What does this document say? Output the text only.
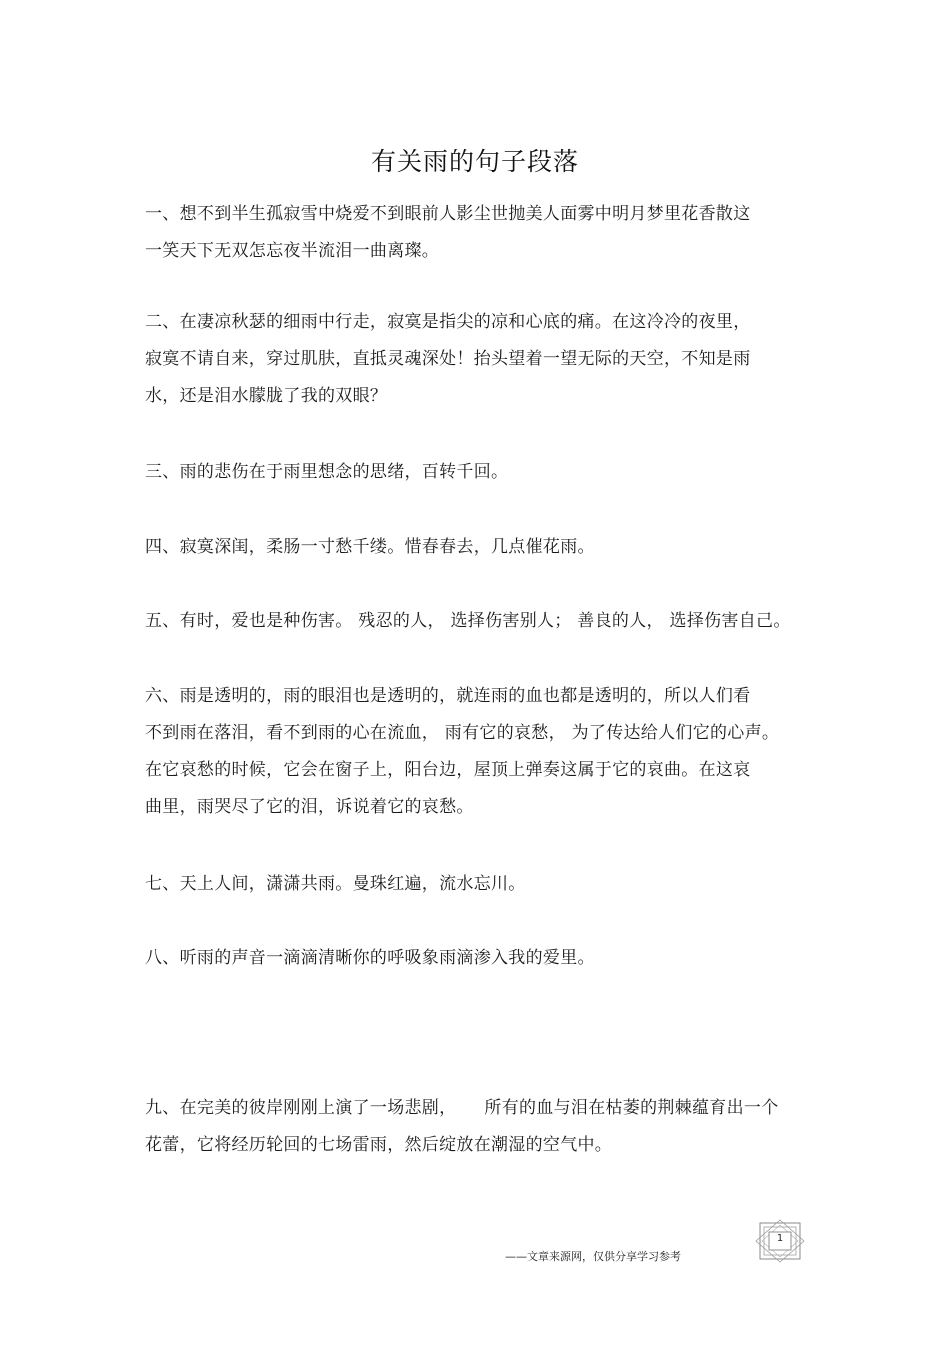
有关雨的句子段落
一、想不到半生孤寂雪中烧爱不到眼前人影尘世抛美人面雾中明月梦里花香散这
一笑天下无双怎忘夜半流泪一曲离璨。
二、在凄凉秋瑟的细雨中行走，寂寞是指尖的凉和心底的痛。在这冷冷的夜里，
寂寞不请自来，穿过肌肤，直抵灵魂深处！抬头望着一望无际的天空，不知是雨
水，还是泪水朦胧了我的双眼？
三、雨的悲伤在于雨里想念的思绪，百转千回。
四、寂寞深闺，柔肠一寸愁千缕。惜春春去，几点催花雨。
五、有时，爱也是种伤害。 残忍的人， 选择伤害别人； 善良的人， 选择伤害自己。
六、雨是透明的，雨的眼泪也是透明的，就连雨的血也都是透明的，所以人们看
不到雨在落泪，看不到雨的心在流血， 雨有它的哀愁， 为了传达给人们它的心声。
在它哀愁的时候，它会在窗子上，阳台边，屋顶上弹奏这属于它的哀曲。在这哀
曲里，雨哭尽了它的泪，诉说着它的哀愁。
七、天上人间，潇潇共雨。曼珠红遍，流水忘川。
八、听雨的声音一滴滴清晰你的呼吸象雨滴渗入我的爱里。
九、在完美的彼岸刚刚上演了一场悲剧， 所有的血与泪在枯萎的荆棘蕴育出一个
花蕾，它将经历轮回的七场雷雨，然后绽放在潮湿的空气中。
——文章来源网，仅供分享学习参考
1
